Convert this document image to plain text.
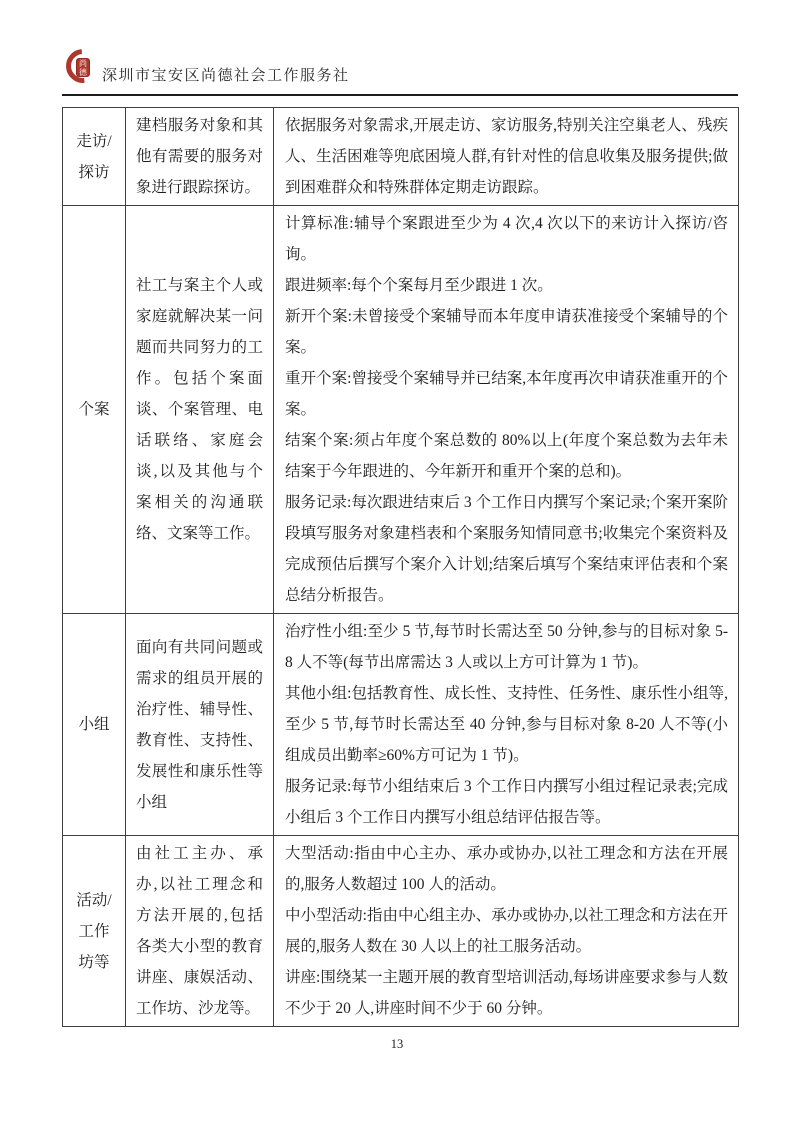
尚德 深圳市宝安区尚德社会工作服务社
走访/探访	建档服务对象和其他有需要的服务对象进行跟踪探访。	依据服务对象需求,开展走访、家访服务,特别关注空巢老人、残疾人、生活困难等兜底困境人群,有针对性的信息收集及服务提供;做到困难群众和特殊群体定期走访跟踪。

个案	社工与案主个人或家庭就解决某一问题而共同努力的工作。包括个案面谈、个案管理、电话联络、家庭会谈,以及其他与个案相关的沟通联络、文案等工作。	

计算标准:辅导个案跟进至少为 4 次,4 次以下的来访计入探访/咨询。

跟进频率:每个个案每月至少跟进 1 次。

新开个案:未曾接受个案辅导而本年度申请获准接受个案辅导的个案。

重开个案:曾接受个案辅导并已结案,本年度再次申请获准重开的个案。

结案个案:须占年度个案总数的 80%以上(年度个案总数为去年未结案于今年跟进的、今年新开和重开个案的总和)。

服务记录:每次跟进结束后 3 个工作日内撰写个案记录;个案开案阶段填写服务对象建档表和个案服务知情同意书;收集完个案资料及完成预估后撰写个案介入计划;结案后填写个案结束评估表和个案总结分析报告。

小组	面向有共同问题或需求的组员开展的治疗性、辅导性、教育性、支持性、发展性和康乐性等小组	治疗性小组:至少 5 节,每节时长需达至 50 分钟,参与的目标对象 5-8 人不等(每节出席需达 3 人或以上方可计算为 1 节)。

其他小组:包括教育性、成长性、支持性、任务性、康乐性小组等,至少 5 节,每节时长需达至 40 分钟,参与目标对象 8-20 人不等(小组成员出勤率≥60%方可记为 1 节)。

服务记录:每节小组结束后 3 个工作日内撰写小组过程记录表;完成小组后 3 个工作日内撰写小组总结评估报告等。

活动/工作坊等	由社工主办、承办,以社工理念和方法开展的,包括各类大小型的教育讲座、康娱活动、工作坊、沙龙等。	大型活动:指由中心主办、承办或协办,以社工理念和方法在开展的,服务人数超过 100 人的活动。

中小型活动:指由中心组主办、承办或协办,以社工理念和方法在开展的,服务人数在 30 人以上的社工服务活动。

讲座:围绕某一主题开展的教育型培训活动,每场讲座要求参与人数不少于 20 人,讲座时间不少于 60 分钟。

13
